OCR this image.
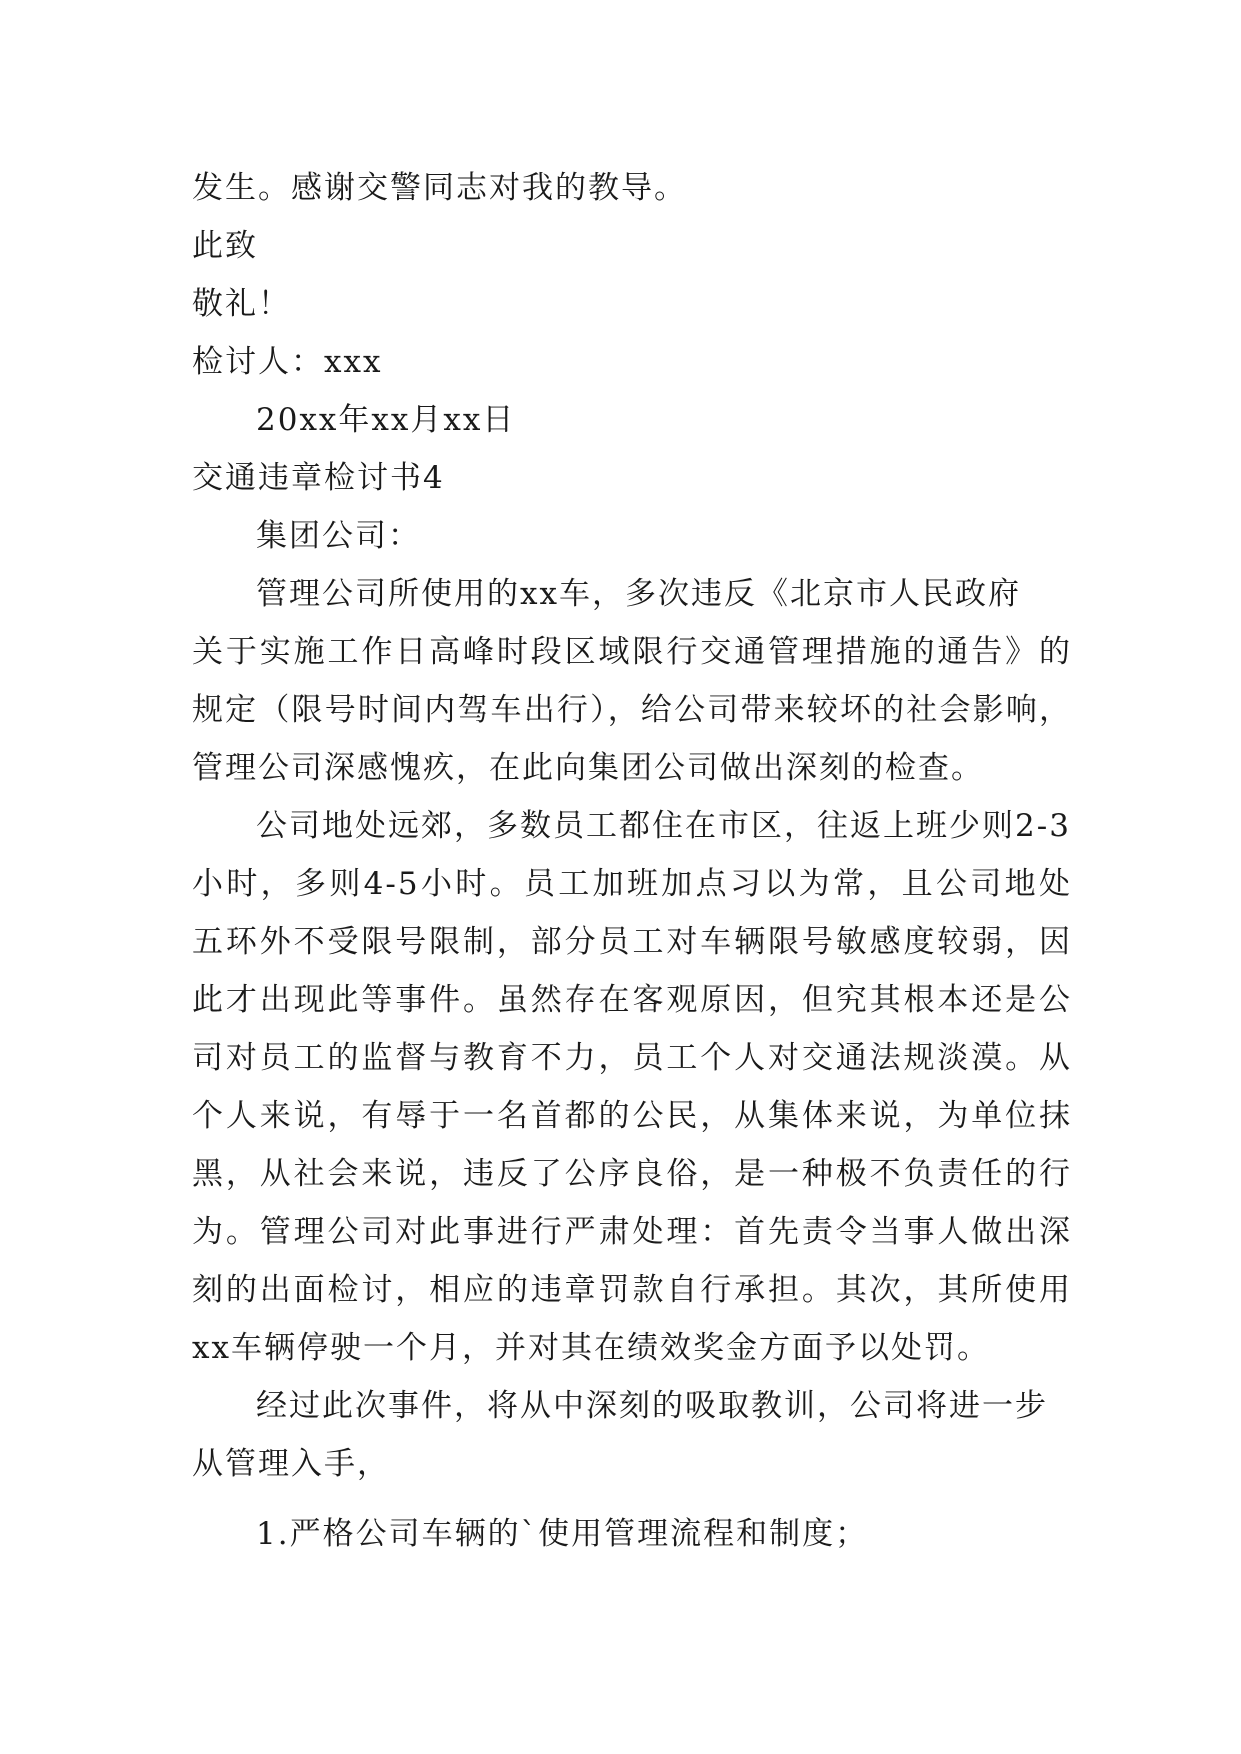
发生。感谢交警同志对我的教导。
此致
敬礼！
检讨人：xxx
20xx年xx月xx日
交通违章检讨书4
集团公司：
管理公司所使用的xx车，多次违反《北京市人民政府
关于实施工作日高峰时段区域限行交通管理措施的通告》的
规定（限号时间内驾车出行），给公司带来较坏的社会影响，
管理公司深感愧疚，在此向集团公司做出深刻的检查。
公司地处远郊，多数员工都住在市区，往返上班少则2-3
小时，多则4-5小时。员工加班加点习以为常，且公司地处
五环外不受限号限制，部分员工对车辆限号敏感度较弱，因
此才出现此等事件。虽然存在客观原因，但究其根本还是公
司对员工的监督与教育不力，员工个人对交通法规淡漠。从
个人来说，有辱于一名首都的公民，从集体来说，为单位抹
黑，从社会来说，违反了公序良俗，是一种极不负责任的行
为。管理公司对此事进行严肃处理：首先责令当事人做出深
刻的出面检讨，相应的违章罚款自行承担。其次，其所使用
xx车辆停驶一个月，并对其在绩效奖金方面予以处罚。
经过此次事件，将从中深刻的吸取教训，公司将进一步
从管理入手，
1.严格公司车辆的`使用管理流程和制度；
